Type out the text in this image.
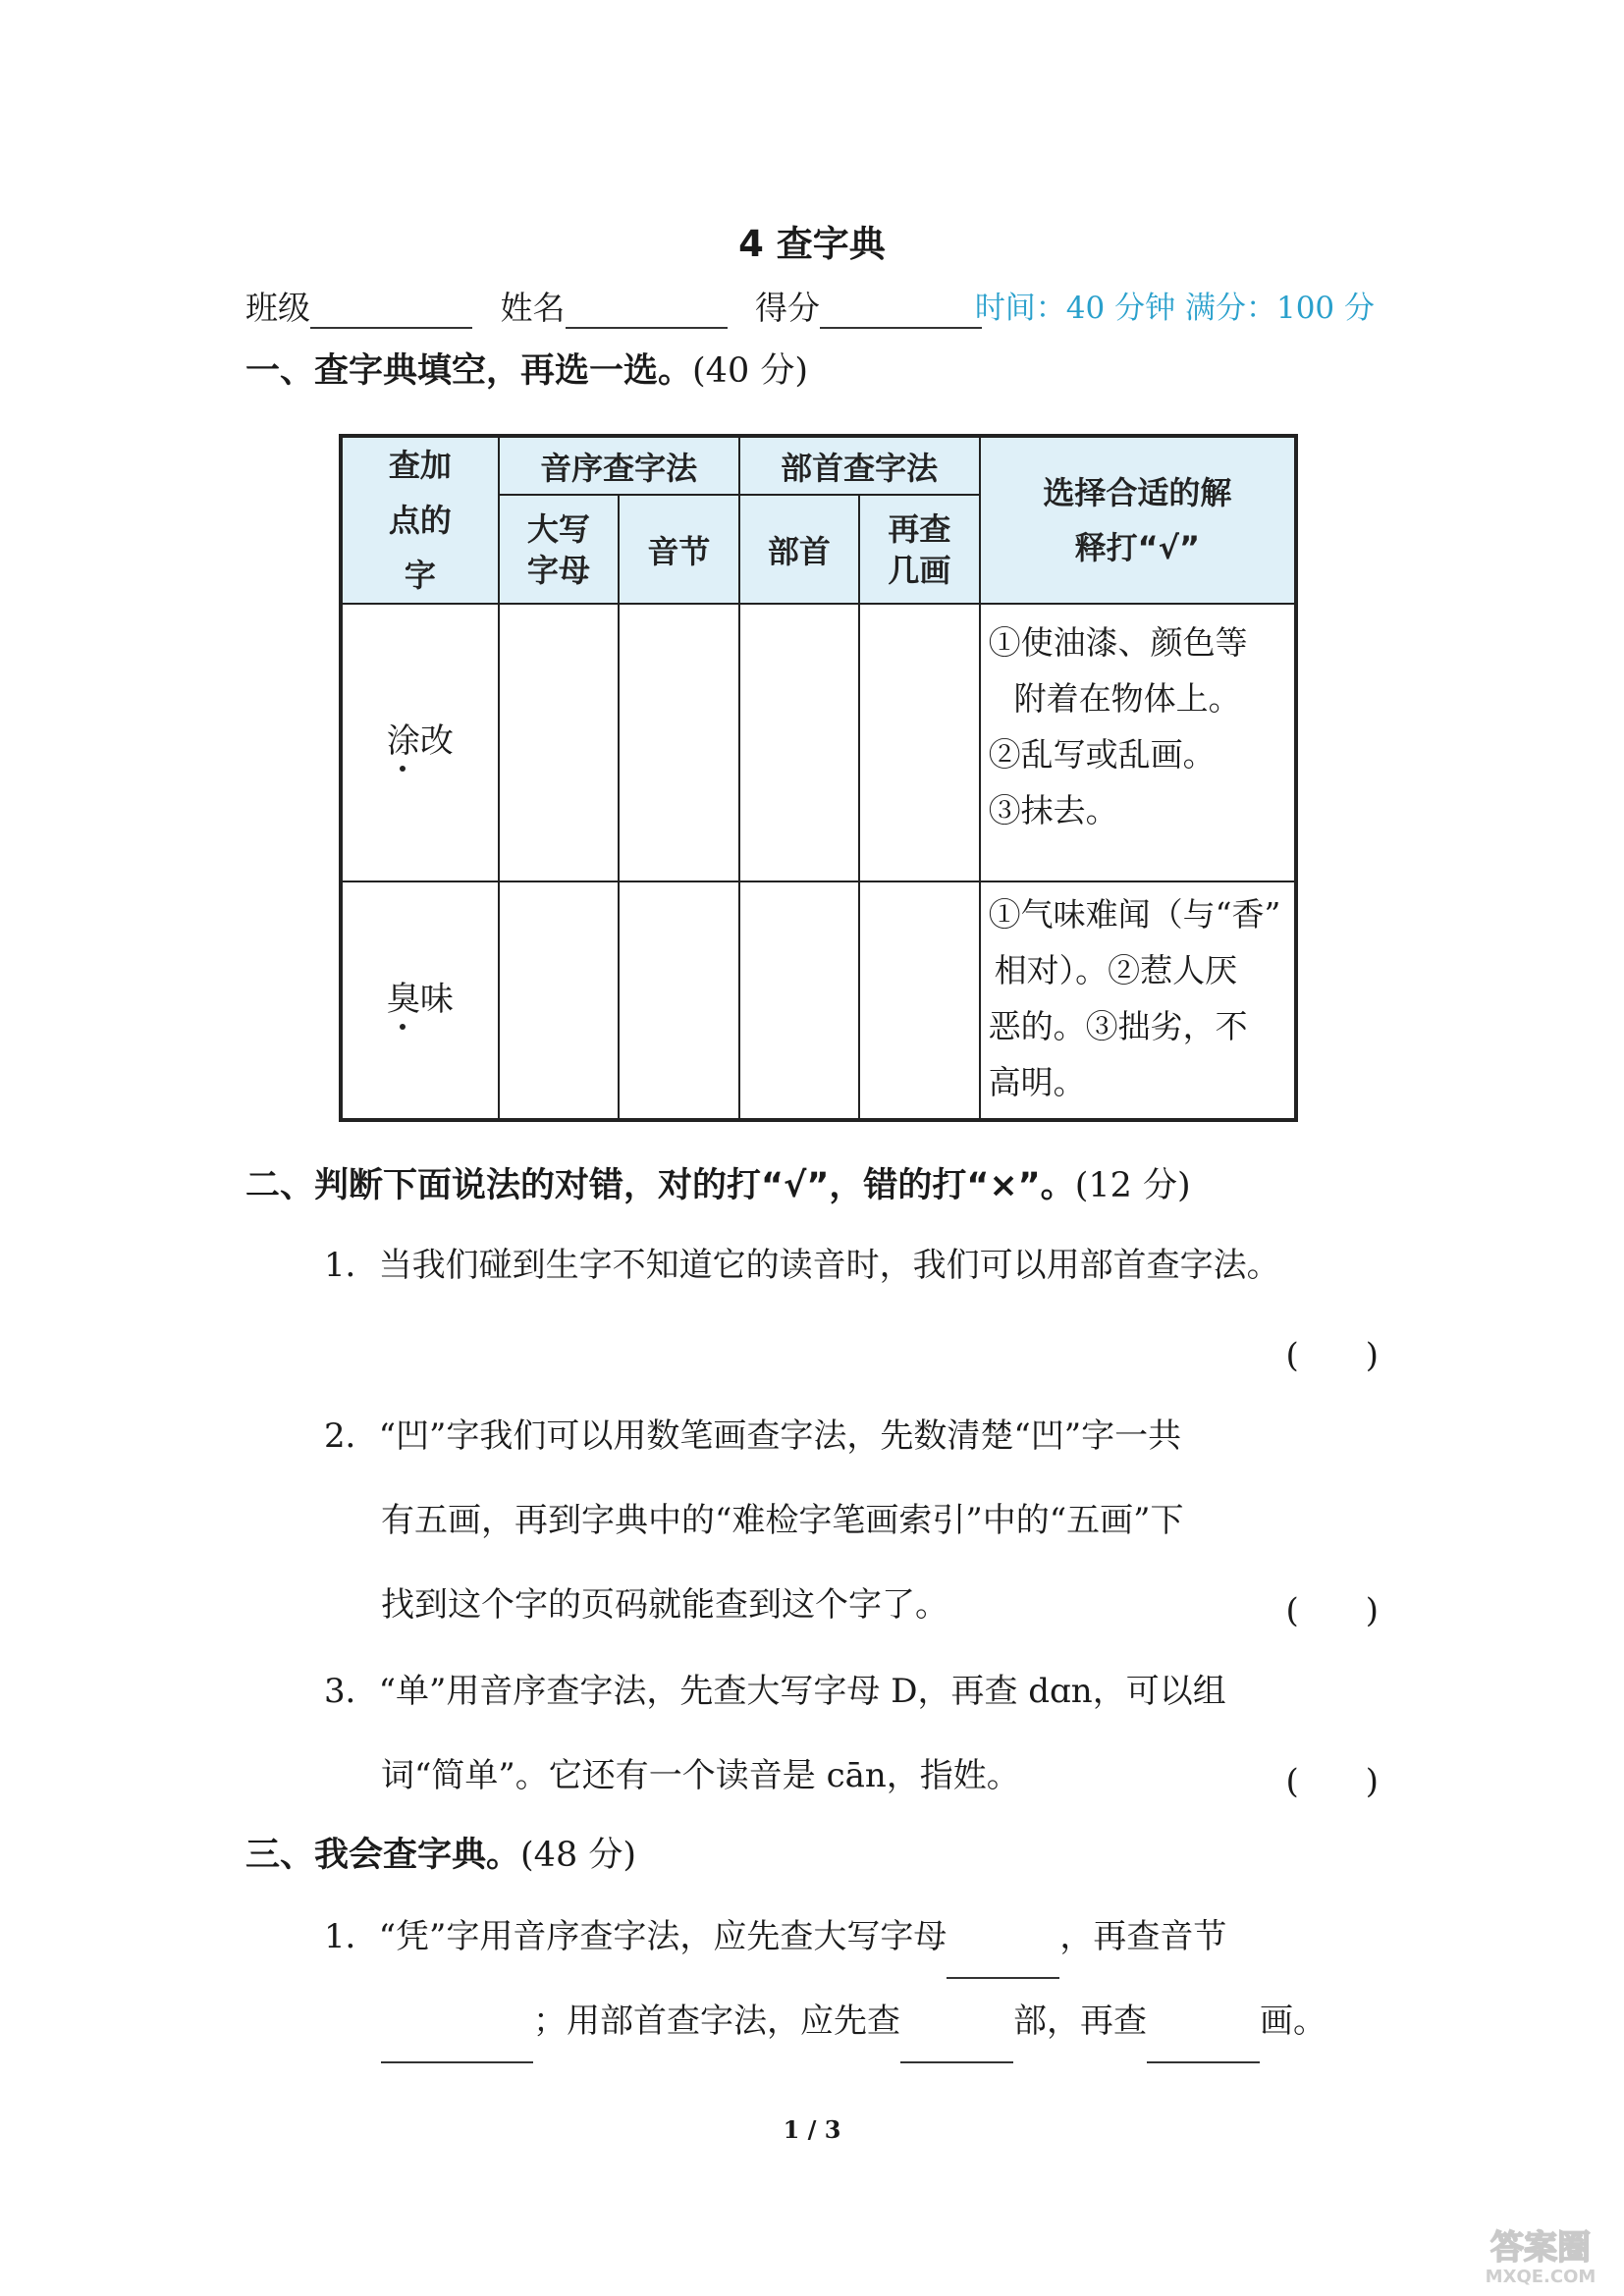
4 查字典
班级	姓名	得分	时间：40 分钟 满分：100 分
一、查字典填空，再选一选。(40 分)
查加点的字	音序查字法		部首查字法		选择合适的解释打“√”

	大写字母	音节	部首	再查几画	

涂改					①使油漆、颜色等
附着在物体上。
②乱写或乱画。
③抹去。

臭味					①气味难闻（与“香”
相对）。②惹人厌
恶的。③拙劣，不
高明。
二、判断下面说法的对错，对的打“√”，错的打“×”。(12 分)
1．当我们碰到生字不知道它的读音时，我们可以用部首查字法。
(　　)
2．“凹”字我们可以用数笔画查字法，先数清楚“凹”字一共
有五画，再到字典中的“难检字笔画索引”中的“五画”下
找到这个字的页码就能查到这个字了。	(　　)
3．“单”用音序查字法，先查大写字母 D，再查 dɑn，可以组
词“简单”。它还有一个读音是 cān，指姓。	(　　)
三、我会查字典。(48 分)
1．“凭”字用音序查字法，应先查大写字母	，再查音节
；用部首查字法，应先查	部，再查	画。
1 / 3
答案圈
MXQE.COM
